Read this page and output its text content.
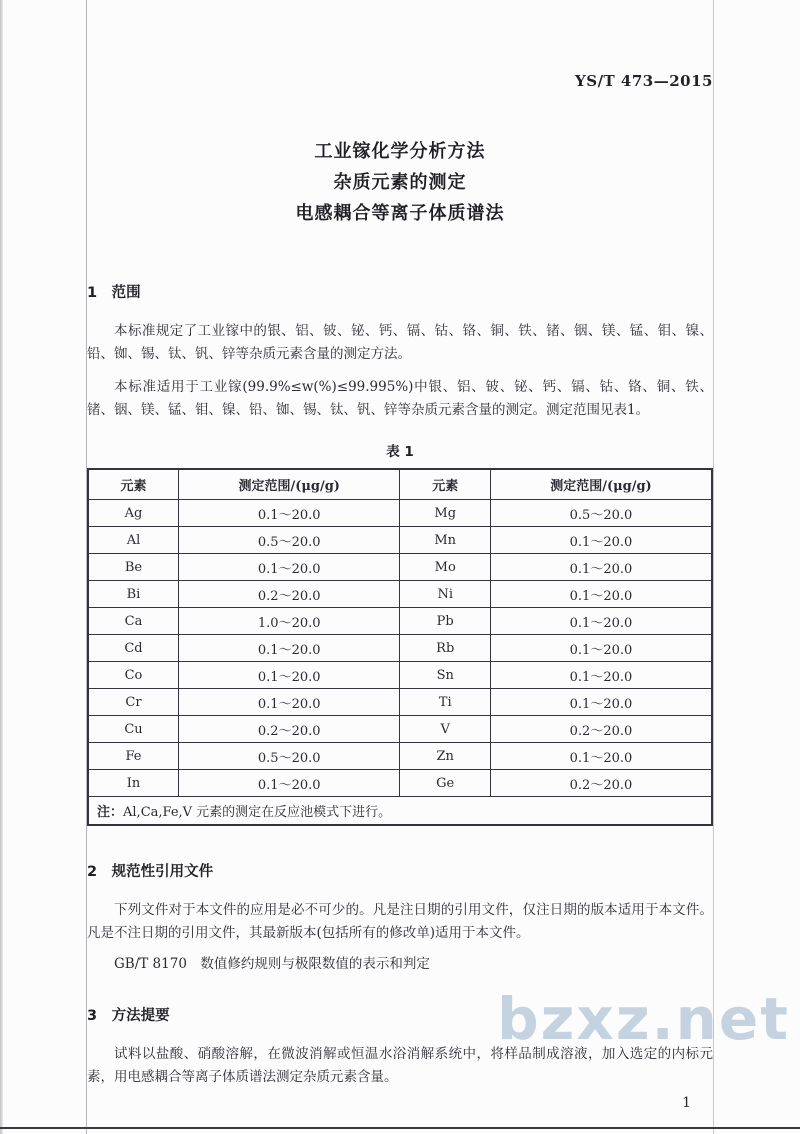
bzxz.net
YS/T 473—2015
工业镓化学分析方法
杂质元素的测定
电感耦合等离子体质谱法
1　范围

本标准规定了工业镓中的银、铝、铍、铋、钙、镉、钴、铬、铜、铁、锗、铟、镁、锰、钼、镍、铅、铷、锡、钛、钒、锌等杂质元素含量的测定方法。

本标准适用于工业镓(99.9%≤w(%)≤99.995%)中银、铝、铍、铋、钙、镉、钴、铬、铜、铁、锗、铟、镁、锰、钼、镍、铅、铷、锡、钛、钒、锌等杂质元素含量的测定。测定范围见表1。

表 1
元素	测定范围/(μg/g)	元素	测定范围/(μg/g)
Ag	0.1～20.0	Mg	0.5～20.0
Al	0.5～20.0	Mn	0.1～20.0
Be	0.1～20.0	Mo	0.1～20.0
Bi	0.2～20.0	Ni	0.1～20.0
Ca	1.0～20.0	Pb	0.1～20.0
Cd	0.1～20.0	Rb	0.1～20.0
Co	0.1～20.0	Sn	0.1～20.0
Cr	0.1～20.0	Ti	0.1～20.0
Cu	0.2～20.0	V	0.2～20.0
Fe	0.5～20.0	Zn	0.1～20.0
In	0.1～20.0	Ge	0.2～20.0
注：Al,Ca,Fe,V 元素的测定在反应池模式下进行。			
2　规范性引用文件

下列文件对于本文件的应用是必不可少的。凡是注日期的引用文件，仅注日期的版本适用于本文件。凡是不注日期的引用文件，其最新版本(包括所有的修改单)适用于本文件。

GB/T 8170　数值修约规则与极限数值的表示和判定

3　方法提要

试料以盐酸、硝酸溶解，在微波消解或恒温水浴消解系统中，将样品制成溶液，加入选定的内标元素，用电感耦合等离子体质谱法测定杂质元素含量。

1
